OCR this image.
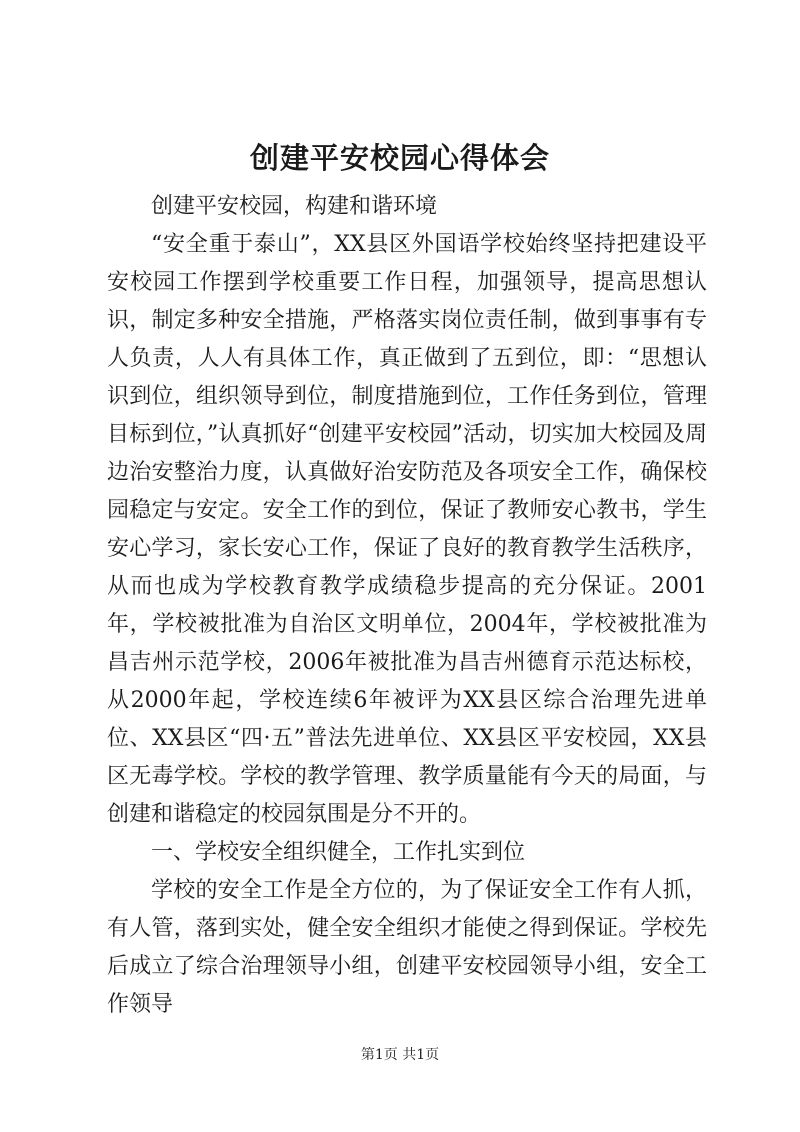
创建平安校园心得体会

创建平安校园，构建和谐环境

“安全重于泰山”，XX县区外国语学校始终坚持把建设平安校园工作摆到学校重要工作日程，加强领导，提高思想认识，制定多种安全措施，严格落实岗位责任制，做到事事有专人负责，人人有具体工作，真正做到了五到位，即：“思想认识到位，组织领导到位，制度措施到位，工作任务到位，管理目标到位，”认真抓好“创建平安校园”活动，切实加大校园及周边治安整治力度，认真做好治安防范及各项安全工作，确保校园稳定与安定。安全工作的到位，保证了教师安心教书，学生安心学习，家长安心工作，保证了良好的教育教学生活秩序，从而也成为学校教育教学成绩稳步提高的充分保证。2001年，学校被批准为自治区文明单位，2004年，学校被批准为昌吉州示范学校，2006年被批准为昌吉州德育示范达标校，从2000年起，学校连续6年被评为XX县区综合治理先进单位、XX县区“四·五”普法先进单位、XX县区平安校园，XX县区无毒学校。学校的教学管理、教学质量能有今天的局面，与创建和谐稳定的校园氛围是分不开的。

一、学校安全组织健全，工作扎实到位

学校的安全工作是全方位的，为了保证安全工作有人抓，有人管，落到实处，健全安全组织才能使之得到保证。学校先后成立了综合治理领导小组，创建平安校园领导小组，安全工作领导

第1页 共1页
